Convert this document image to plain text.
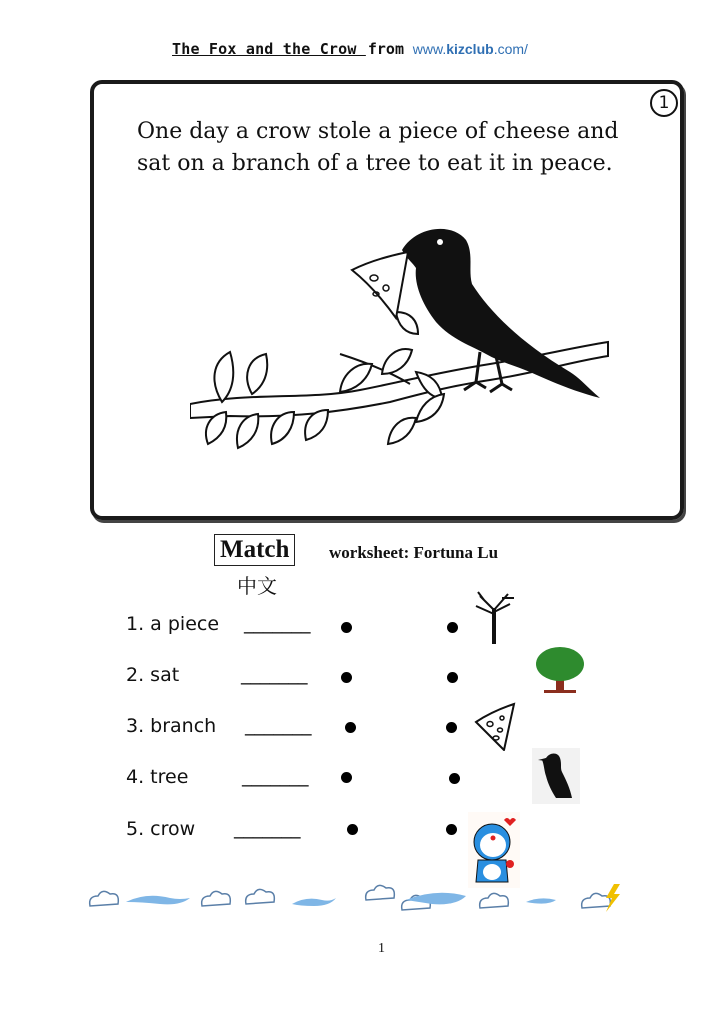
The Fox and the Crow from www.kizclub.com/
1
One day a crow stole a piece of cheese and
sat on a branch of a tree to eat it in peace.
Match	worksheet: Fortuna Lu
中文
1. a piece _______
2. sat	_______
3. branch _______
4. tree	_______
5. crow _______
1
